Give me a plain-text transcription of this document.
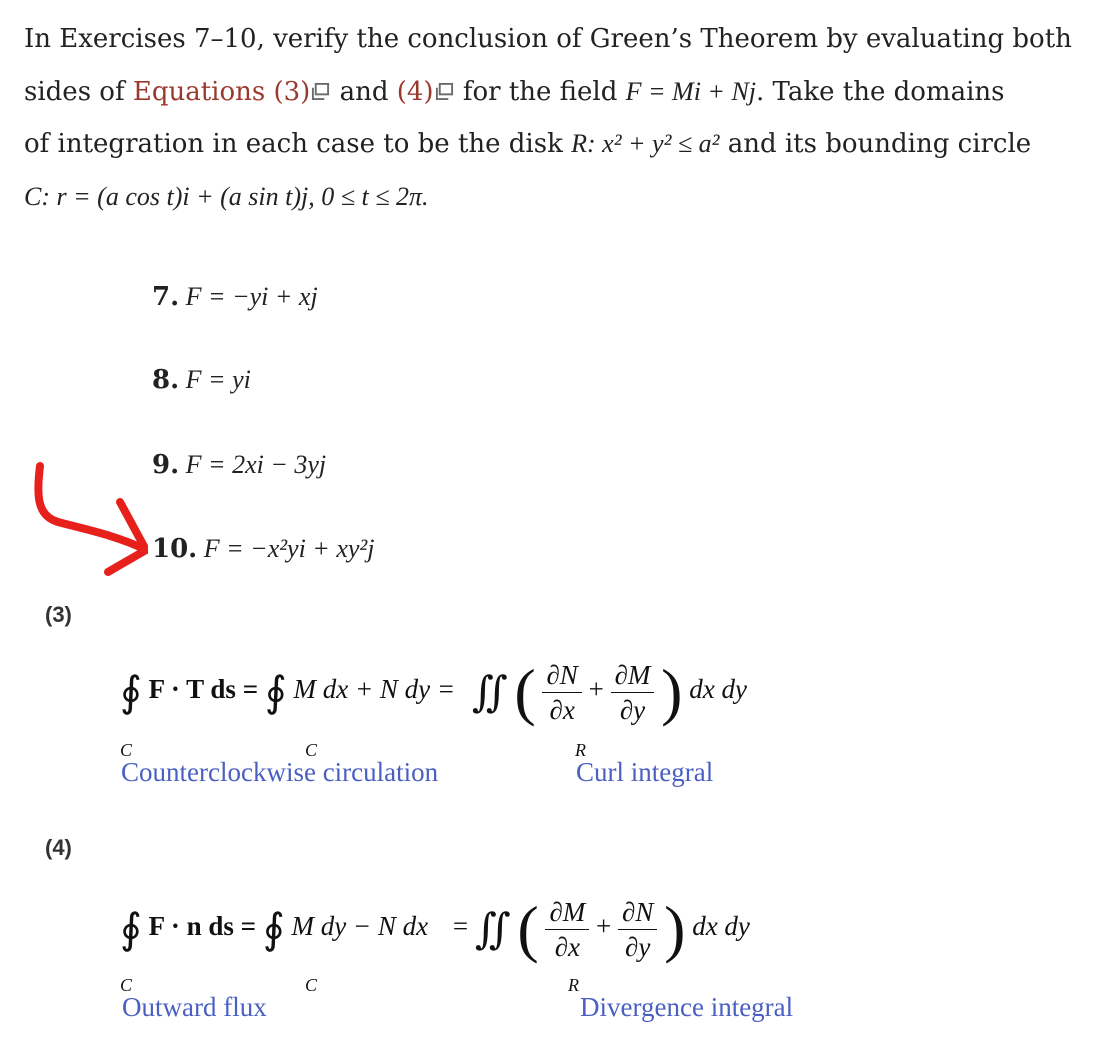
In Exercises 7–10, verify the conclusion of Green’s Theorem by evaluating both
sides of Equations (3) and (4) for the field F = Mi + Nj. Take the domains
of integration in each case to be the disk R: x² + y² ≤ a² and its bounding circle
C: r = (a cos t)i + (a sin t)j, 0 ≤ t ≤ 2π.
7. F = −yi + xj
8. F = yi
9. F = 2xi − 3yj
10. F = −x²yi + xy²j
(3)
∮ F · T ds = ∮ M dx + N dy = ∬ ( $\frac{\partial N}{\partial x} + \frac{\partial M}{\partial y}$ ) dx dy
C	C	R
Counterclockwise circulation	Curl integral
(4)
∮ F · n ds = ∮ M dy − N dx = ∬ ( $\frac{\partial M}{\partial x} + \frac{\partial N}{\partial y}$ ) dx dy
C	C	R
Outward flux	Divergence integral
